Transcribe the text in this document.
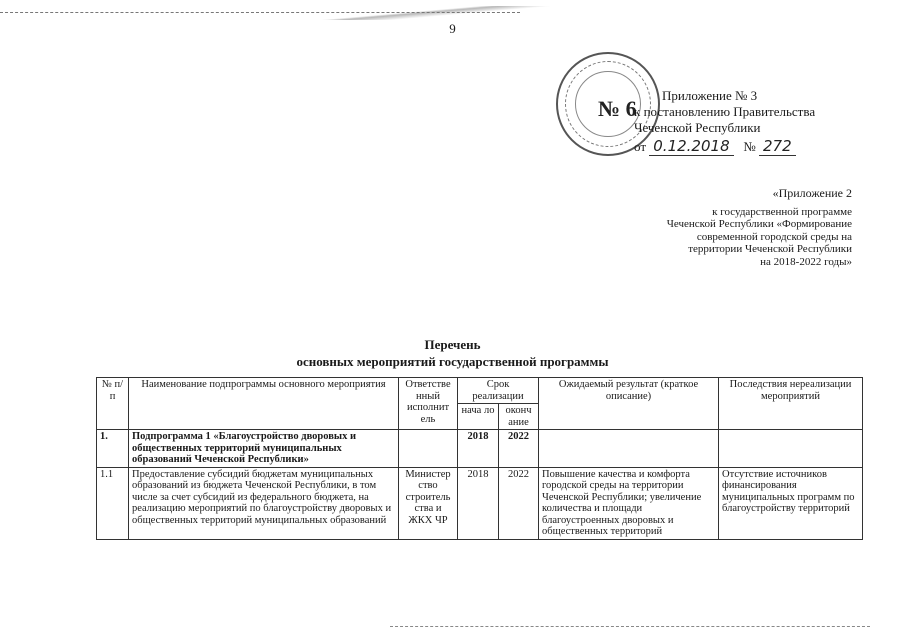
9
№ 6
Приложение № 3
к постановлению Правительства
Чеченской Республики
от 0.12.2018 № 272
«Приложение 2
к государственной программе
Чеченской Республики «Формирование
современной городской среды на
территории Чеченской Республики
на 2018-2022 годы»
Перечень
основных мероприятий государственной программы
№ п/п	Наименование подпрограммы основного мероприятия	Ответстве нный исполнит ель	Срок реализации		Ожидаемый результат (краткое описание)	Последствия нереализации мероприятий
			нача ло	оконч ание		
1.	Подпрограмма 1 «Благоустройство дворовых и общественных территорий муниципальных образований Чеченской Республики»		2018	2022		
1.1	Предоставление субсидий бюджетам муниципальных образований из бюджета Чеченской Республики, в том числе за счет субсидий из федерального бюджета, на реализацию мероприятий по благоустройству дворовых и общественных территорий муниципальных образований	Министер ство строитель ства и ЖКХ ЧР	2018	2022	Повышение качества и комфорта городской среды на территории Чеченской Республики; увеличение количества и площади благоустроенных дворовых и общественных территорий	Отсутствие источников финансирования муниципальных программ по благоустройству территорий
